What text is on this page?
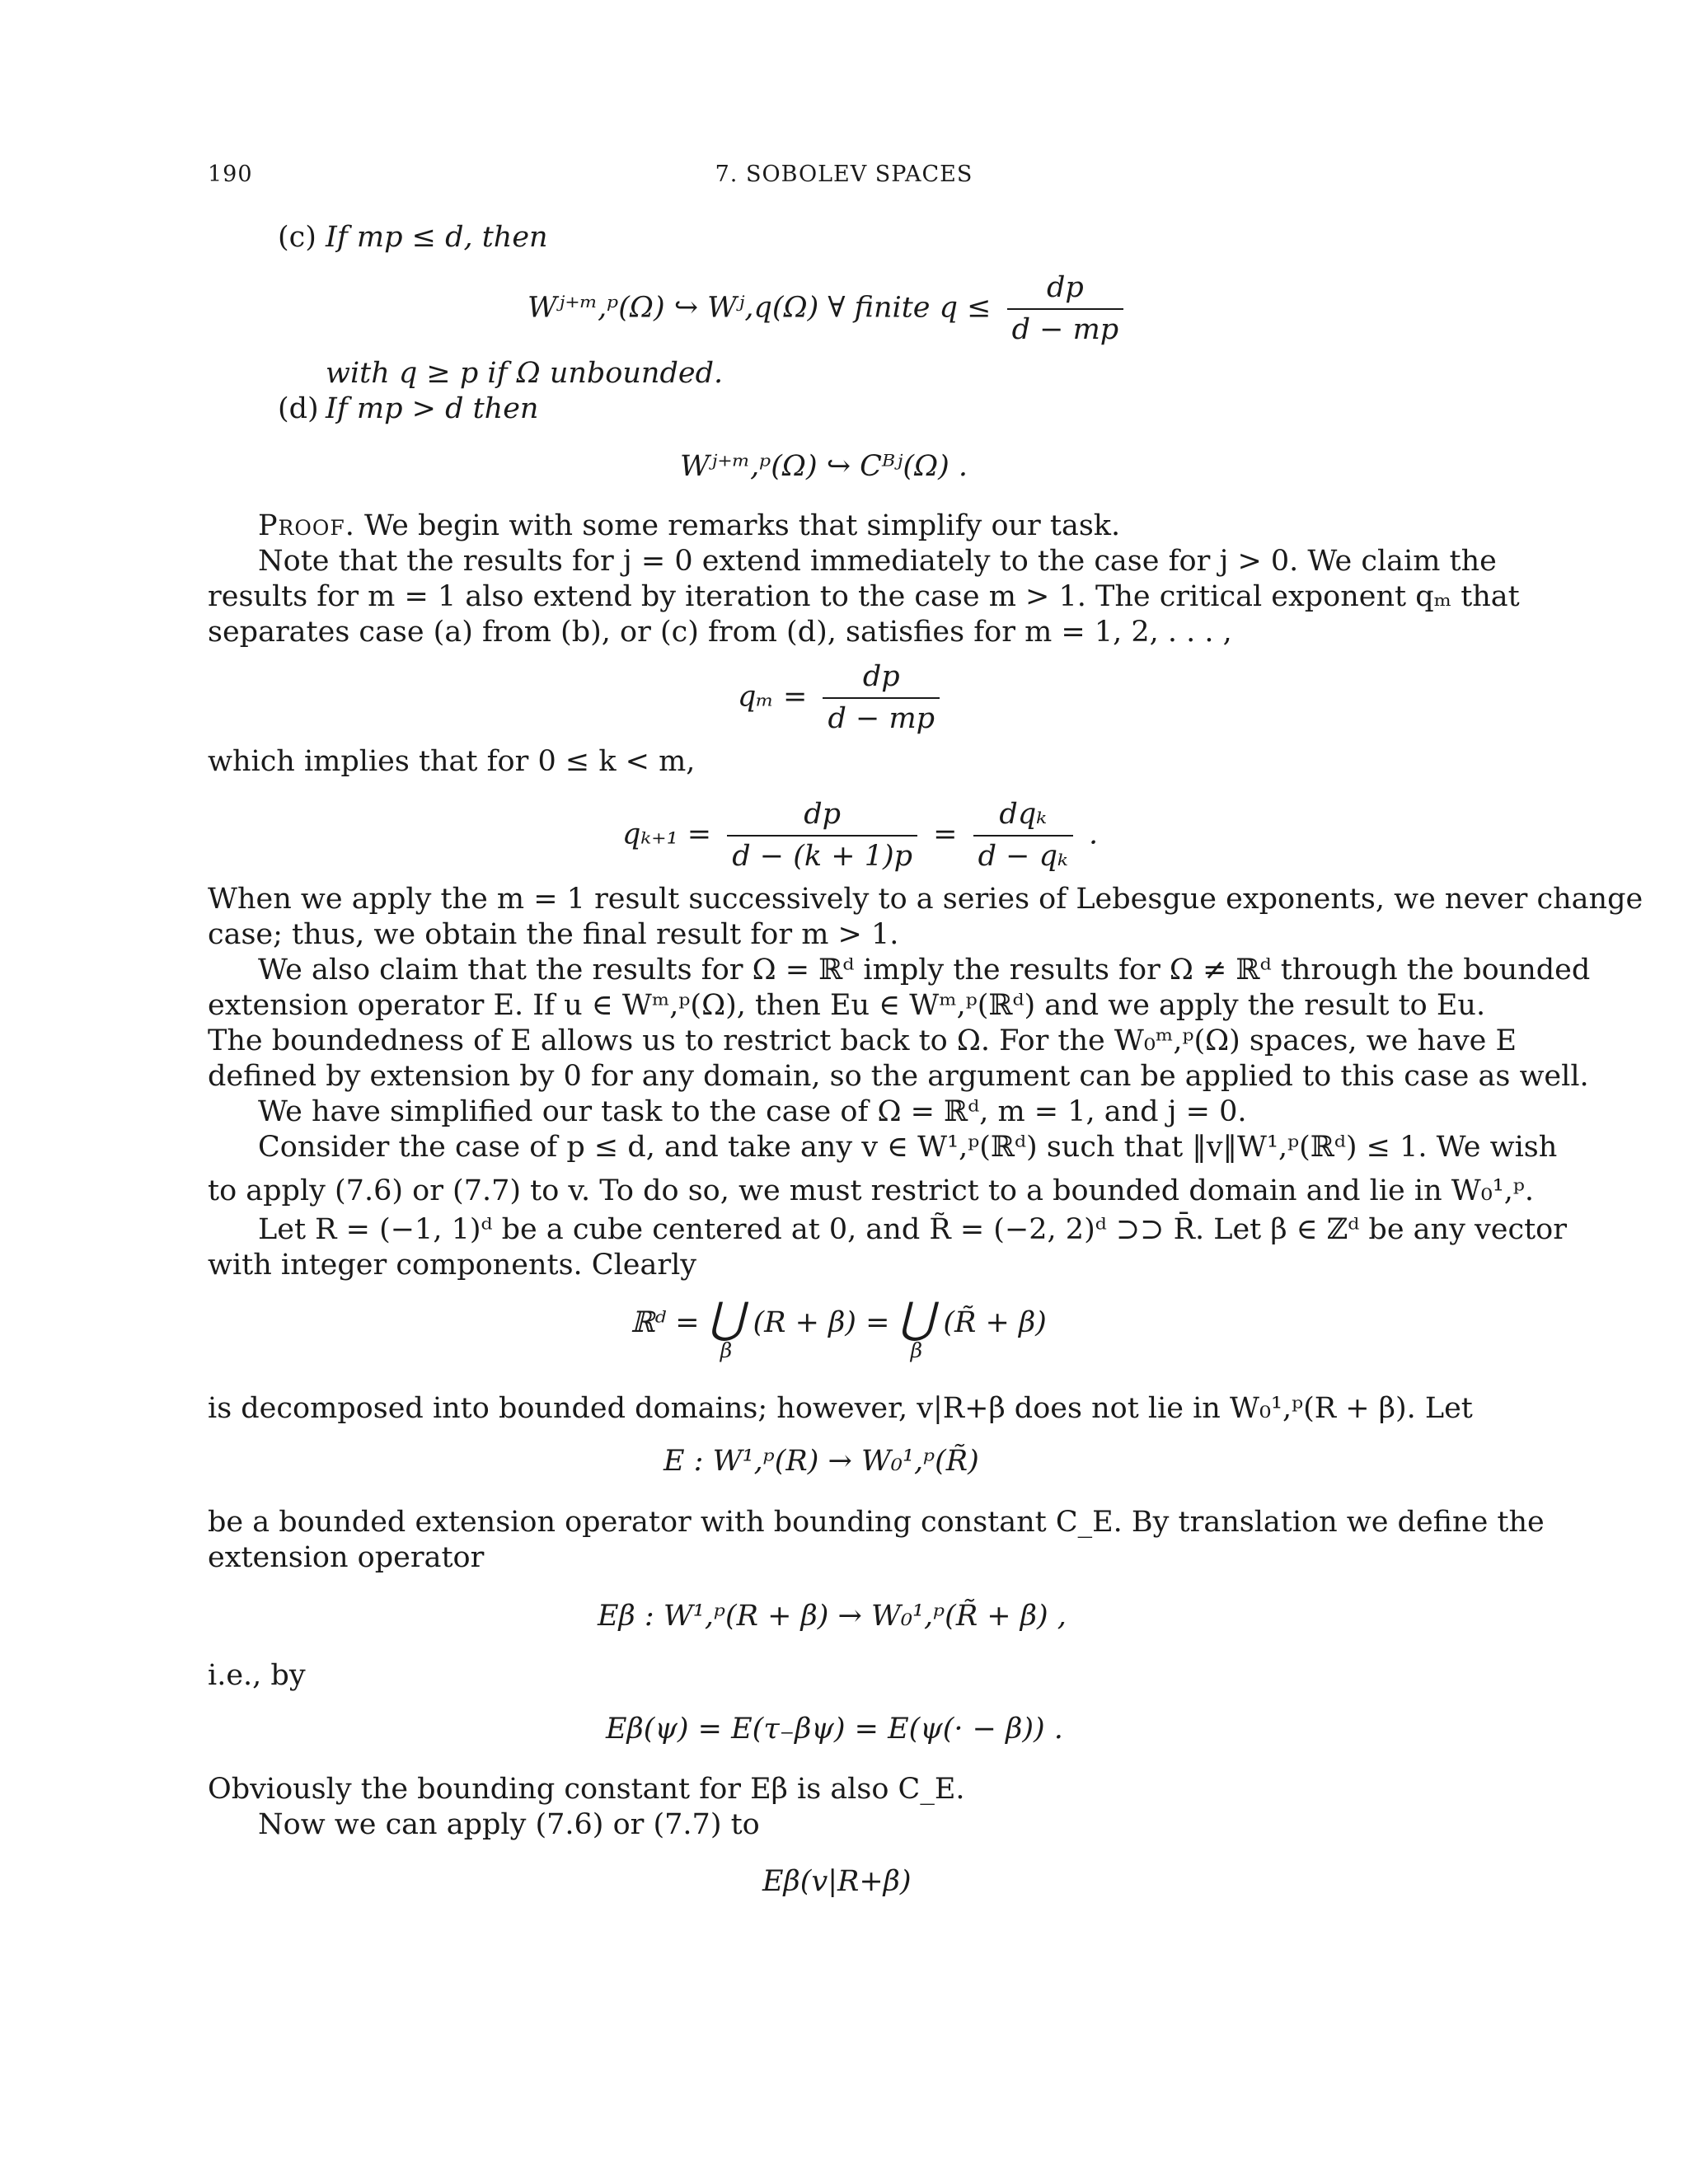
190	7. SOBOLEV SPACES
(c) If mp ≤ d, then
Wʲ⁺ᵐ,ᵖ(Ω) ↪ Wʲ,q(Ω) ∀ finite $q \le \frac{dp}{d - mp}$
with q ≥ p if Ω unbounded.
(d) If mp > d then
Wʲ⁺ᵐ,ᵖ(Ω) ↪ Cᴮʲ(Ω) .
Proof. We begin with some remarks that simplify our task.
Note that the results for j = 0 extend immediately to the case for j > 0. We claim the
results for m = 1 also extend by iteration to the case m > 1. The critical exponent qₘ that
separates case (a) from (b), or (c) from (d), satisfies for m = 1, 2, . . . ,
$q_m = \frac{dp}{d - mp}$
which implies that for 0 ≤ k < m,
$q_{k+1} = \frac{dp}{d - (k + 1)p} = \frac{\text{dqₖ}}{\text{d − qₖ}}$ .
When we apply the m = 1 result successively to a series of Lebesgue exponents, we never change
case; thus, we obtain the final result for m > 1.
We also claim that the results for Ω = ℝᵈ imply the results for Ω ≠ ℝᵈ through the bounded
extension operator E. If u ∈ Wᵐ,ᵖ(Ω), then Eu ∈ Wᵐ,ᵖ(ℝᵈ) and we apply the result to Eu.
The boundedness of E allows us to restrict back to Ω. For the W₀ᵐ,ᵖ(Ω) spaces, we have E
defined by extension by 0 for any domain, so the argument can be applied to this case as well.
We have simplified our task to the case of Ω = ℝᵈ, m = 1, and j = 0.
Consider the case of p ≤ d, and take any v ∈ W¹,ᵖ(ℝᵈ) such that ‖v‖W¹,ᵖ(ℝᵈ) ≤ 1. We wish
to apply (7.6) or (7.7) to v. To do so, we must restrict to a bounded domain and lie in W₀¹,ᵖ.
Let R = (−1, 1)ᵈ be a cube centered at 0, and R̃ = (−2, 2)ᵈ ⊃⊃ R̄. Let β ∈ ℤᵈ be any vector
with integer components. Clearly
ℝᵈ = ⋃
β
(R + β) = ⋃
β
(R̃ + β)
is decomposed into bounded domains; however, v|R+β does not lie in W₀¹,ᵖ(R + β). Let
E : W¹,ᵖ(R) → W₀¹,ᵖ(R̃)
be a bounded extension operator with bounding constant C_E. By translation we define the
extension operator
Eβ : W¹,ᵖ(R + β) → W₀¹,ᵖ(R̃ + β) ,
i.e., by
Eβ(ψ) = E(τ₋βψ) = E(ψ(· − β)) .
Obviously the bounding constant for Eβ is also C_E.
Now we can apply (7.6) or (7.7) to
Eβ(v|R+β)
